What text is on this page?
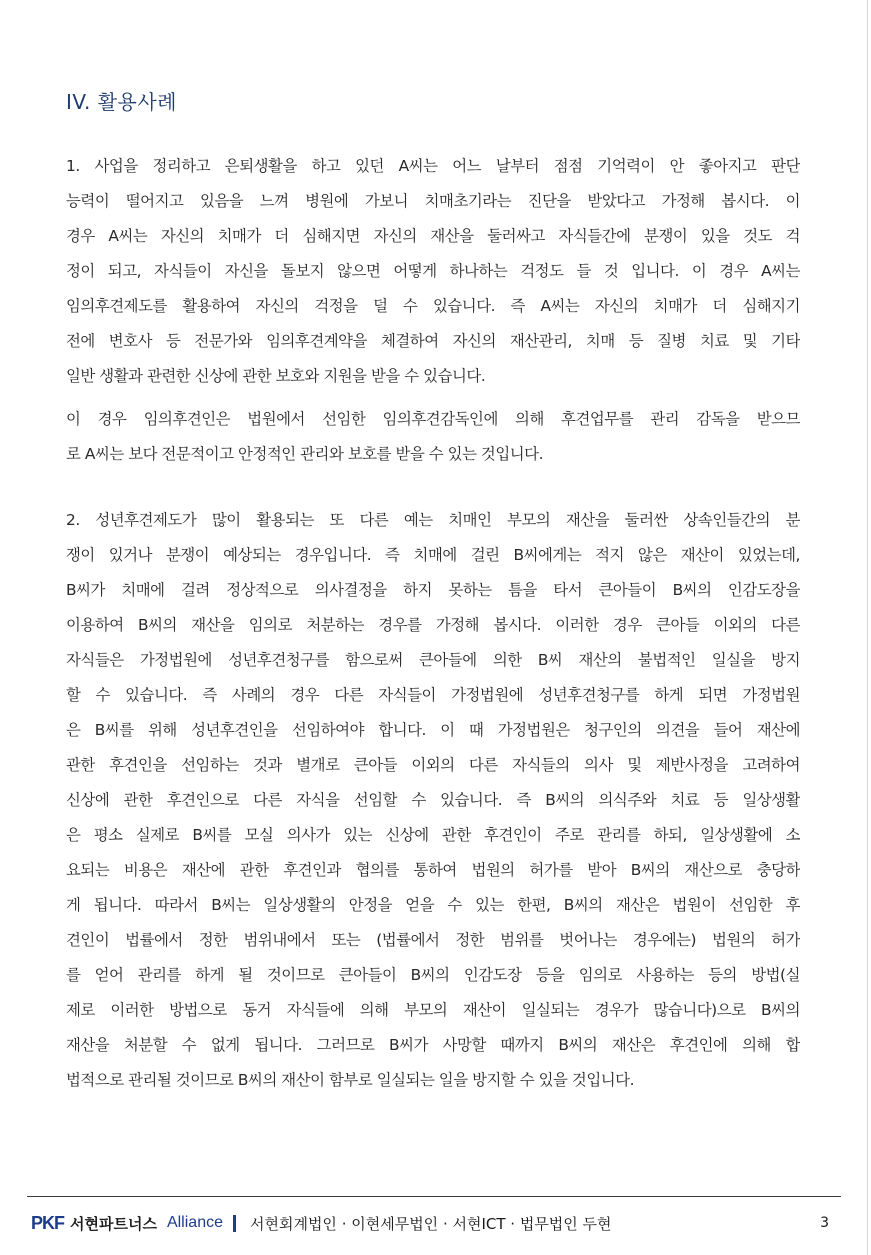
IV. 활용사례
1. 사업을 정리하고 은퇴생활을 하고 있던 A씨는 어느 날부터 점점 기억력이 안 좋아지고 판단
능력이 떨어지고 있음을 느껴 병원에 가보니 치매초기라는 진단을 받았다고 가정해 봅시다. 이
경우 A씨는 자신의 치매가 더 심해지면 자신의 재산을 둘러싸고 자식들간에 분쟁이 있을 것도 걱
정이 되고, 자식들이 자신을 돌보지 않으면 어떻게 하나하는 걱정도 들 것 입니다. 이 경우 A씨는
임의후견제도를 활용하여 자신의 걱정을 덜 수 있습니다. 즉 A씨는 자신의 치매가 더 심해지기
전에 변호사 등 전문가와 임의후견계약을 체결하여 자신의 재산관리, 치매 등 질병 치료 및 기타
일반 생활과 관련한 신상에 관한 보호와 지원을 받을 수 있습니다.
이 경우 임의후견인은 법원에서 선임한 임의후견감독인에 의해 후견업무를 관리 감독을 받으므
로 A씨는 보다 전문적이고 안정적인 관리와 보호를 받을 수 있는 것입니다.
2. 성년후견제도가 많이 활용되는 또 다른 예는 치매인 부모의 재산을 둘러싼 상속인들간의 분
쟁이 있거나 분쟁이 예상되는 경우입니다. 즉 치매에 걸린 B씨에게는 적지 않은 재산이 있었는데,
B씨가 치매에 걸려 정상적으로 의사결정을 하지 못하는 틈을 타서 큰아들이 B씨의 인감도장을
이용하여 B씨의 재산을 임의로 처분하는 경우를 가정해 봅시다. 이러한 경우 큰아들 이외의 다른
자식들은 가정법원에 성년후견청구를 함으로써 큰아들에 의한 B씨 재산의 불법적인 일실을 방지
할 수 있습니다. 즉 사례의 경우 다른 자식들이 가정법원에 성년후견청구를 하게 되면 가정법원
은 B씨를 위해 성년후견인을 선임하여야 합니다. 이 때 가정법원은 청구인의 의견을 들어 재산에
관한 후견인을 선임하는 것과 별개로 큰아들 이외의 다른 자식들의 의사 및 제반사정을 고려하여
신상에 관한 후견인으로 다른 자식을 선임할 수 있습니다. 즉 B씨의 의식주와 치료 등 일상생활
은 평소 실제로 B씨를 모실 의사가 있는 신상에 관한 후견인이 주로 관리를 하되, 일상생활에 소
요되는 비용은 재산에 관한 후견인과 협의를 통하여 법원의 허가를 받아 B씨의 재산으로 충당하
게 됩니다. 따라서 B씨는 일상생활의 안정을 얻을 수 있는 한편, B씨의 재산은 법원이 선임한 후
견인이 법률에서 정한 범위내에서 또는 (법률에서 정한 범위를 벗어나는 경우에는) 법원의 허가
를 얻어 관리를 하게 될 것이므로 큰아들이 B씨의 인감도장 등을 임의로 사용하는 등의 방법(실
제로 이러한 방법으로 동거 자식들에 의해 부모의 재산이 일실되는 경우가 많습니다)으로 B씨의
재산을 처분할 수 없게 됩니다. 그러므로 B씨가 사망할 때까지 B씨의 재산은 후견인에 의해 합
법적으로 관리될 것이므로 B씨의 재산이 함부로 일실되는 일을 방지할 수 있을 것입니다.
PKF 서현파트너스 Alliance 서현회계법인 · 이현세무법인 · 서현ICT · 법무법인 두현	3
